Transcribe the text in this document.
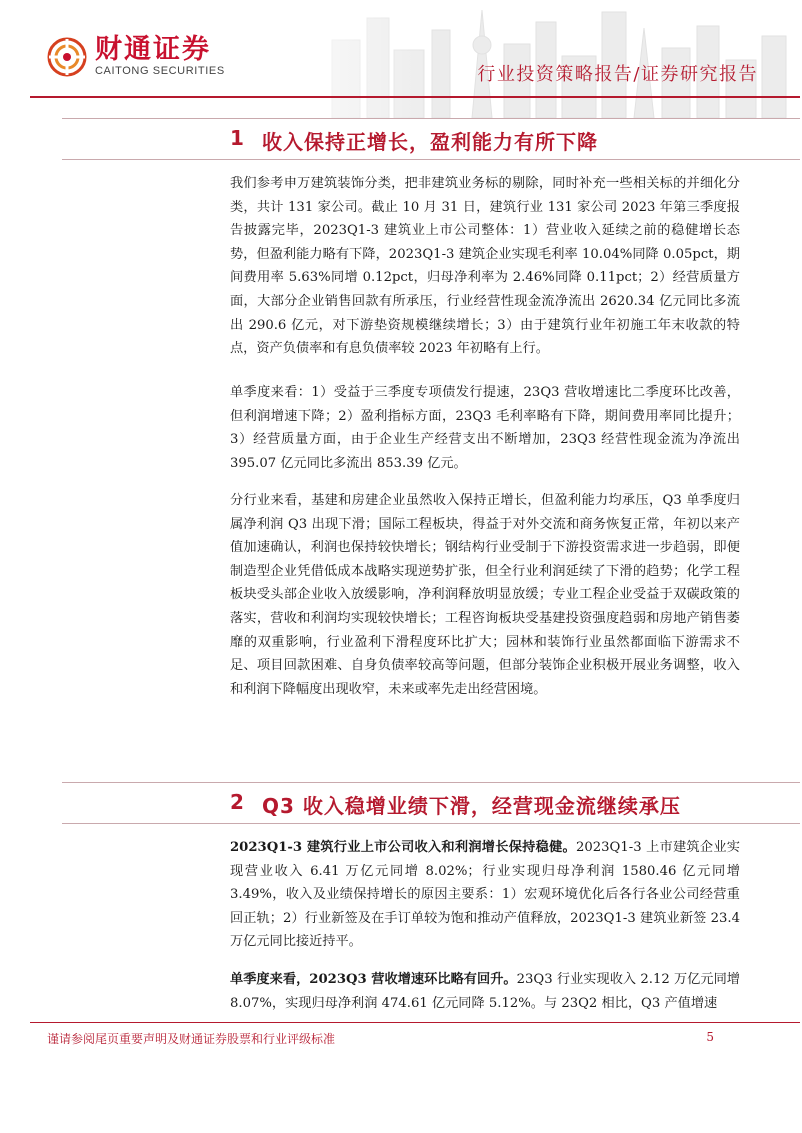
财通证券
CAITONG SECURITIES	行业投资策略报告/证券研究报告
1 收入保持正增长，盈利能力有所下降

我们参考申万建筑装饰分类，把非建筑业务标的剔除，同时补充一些相关标的并细化分类，共计 131 家公司。截止 10 月 31 日，建筑行业 131 家公司 2023 年第三季度报告披露完毕，2023Q1-3 建筑业上市公司整体：1）营业收入延续之前的稳健增长态势，但盈利能力略有下降，2023Q1-3 建筑企业实现毛利率 10.04%同降 0.05pct，期间费用率 5.63%同增 0.12pct，归母净利率为 2.46%同降 0.11pct；2）经营质量方面，大部分企业销售回款有所承压，行业经营性现金流净流出 2620.34 亿元同比多流出 290.6 亿元，对下游垫资规模继续增长；3）由于建筑行业年初施工年末收款的特点，资产负债率和有息负债率较 2023 年初略有上行。

单季度来看：1）受益于三季度专项债发行提速，23Q3 营收增速比二季度环比改善，但利润增速下降；2）盈利指标方面，23Q3 毛利率略有下降，期间费用率同比提升；3）经营质量方面，由于企业生产经营支出不断增加，23Q3 经营性现金流为净流出 395.07 亿元同比多流出 853.39 亿元。

分行业来看，基建和房建企业虽然收入保持正增长，但盈利能力均承压，Q3 单季度归属净利润 Q3 出现下滑；国际工程板块，得益于对外交流和商务恢复正常，年初以来产值加速确认，利润也保持较快增长；钢结构行业受制于下游投资需求进一步趋弱，即便制造型企业凭借低成本战略实现逆势扩张，但全行业利润延续了下滑的趋势；化学工程板块受头部企业收入放缓影响，净利润释放明显放缓；专业工程企业受益于双碳政策的落实，营收和利润均实现较快增长；工程咨询板块受基建投资强度趋弱和房地产销售萎靡的双重影响，行业盈利下滑程度环比扩大；园林和装饰行业虽然都面临下游需求不足、项目回款困难、自身负债率较高等问题，但部分装饰企业积极开展业务调整，收入和利润下降幅度出现收窄，未来或率先走出经营困境。

2 Q3 收入稳增业绩下滑，经营现金流继续承压

2023Q1-3 建筑行业上市公司收入和利润增长保持稳健。2023Q1-3 上市建筑企业实现营业收入 6.41 万亿元同增 8.02%；行业实现归母净利润 1580.46 亿元同增 3.49%，收入及业绩保持增长的原因主要系：1）宏观环境优化后各行各业公司经营重回正轨；2）行业新签及在手订单较为饱和推动产值释放，2023Q1-3 建筑业新签 23.4 万亿元同比接近持平。

单季度来看，2023Q3 营收增速环比略有回升。23Q3 行业实现收入 2.12 万亿元同增 8.07%，实现归母净利润 474.61 亿元同降 5.12%。与 23Q2 相比，Q3 产值增速

谨请参阅尾页重要声明及财通证券股票和行业评级标准	5
